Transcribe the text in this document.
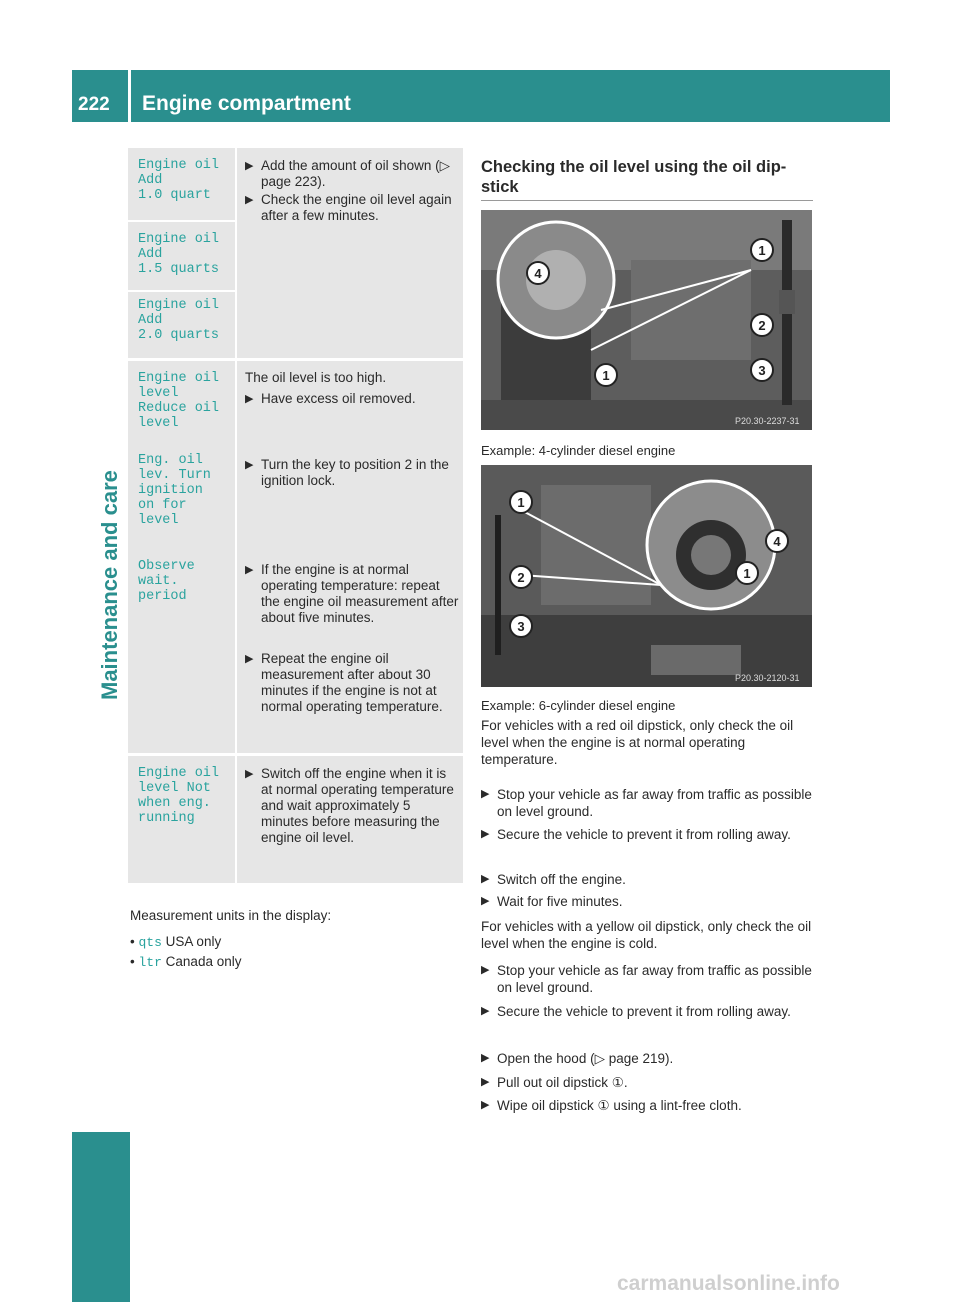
222 Engine compartment
Maintenance and care
Engine oil
Add
1.0 quart
Engine oil
Add
1.5 quarts
Engine oil
Add
2.0 quarts
▶ Add the amount of oil shown (▷ page 223).
▶ Check the engine oil level again after a few minutes.
Engine oil
level
Reduce oil
level
Eng. oil
lev. Turn
ignition
on for
level
Observe
wait.
period
The oil level is too high.
▶ Have excess oil removed.
▶ Turn the key to position 2 in the ignition lock.
▶ If the engine is at normal operating temperature: repeat the engine oil measurement after about five minutes.
▶ Repeat the engine oil measurement after about 30 minutes if the engine is not at normal operating temperature.
Engine oil
level Not
when eng.
running
▶ Switch off the engine when it is at normal operating temperature and wait approximately 5 minutes before measuring the engine oil level.
Measurement units in the display:
• qts USA only
• ltr Canada only
Checking the oil level using the oil dip-stick
1
2
3
4
1
P20.30-2237-31
Example: 4-cylinder diesel engine
1
2
3
4
1
P20.30-2120-31
Example: 6-cylinder diesel engine
For vehicles with a red oil dipstick, only check the oil level when the engine is at normal operating temperature.
▶ Stop your vehicle as far away from traffic as possible on level ground.
▶ Secure the vehicle to prevent it from rolling away.
▶ Switch off the engine.
▶ Wait for five minutes.
For vehicles with a yellow oil dipstick, only check the oil level when the engine is cold.
▶ Stop your vehicle as far away from traffic as possible on level ground.
▶ Secure the vehicle to prevent it from rolling away.
▶ Open the hood (▷ page 219).
▶ Pull out oil dipstick ①.
▶ Wipe oil dipstick ① using a lint-free cloth.
carmanualsonline.info
